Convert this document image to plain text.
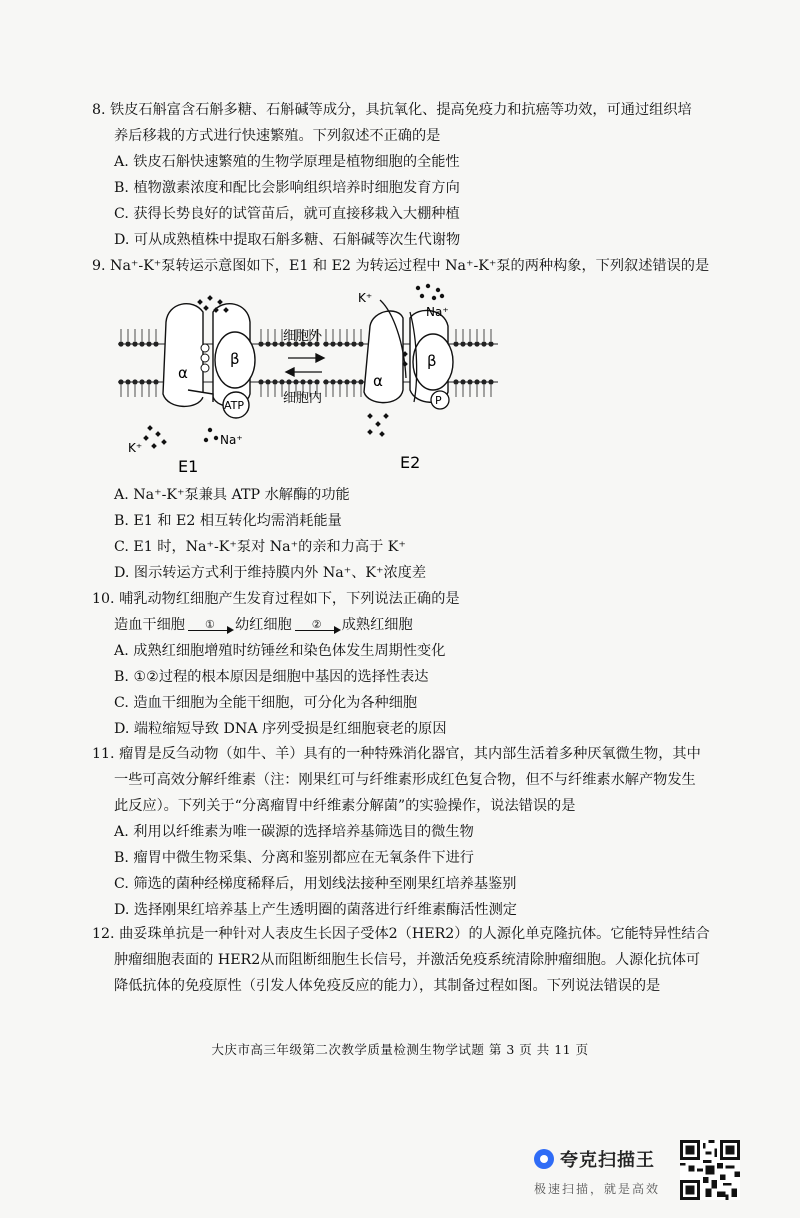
8. 铁皮石斛富含石斛多糖、石斛碱等成分，具抗氧化、提高免疫力和抗癌等功效，可通过组织培
养后移栽的方式进行快速繁殖。下列叙述不正确的是
A. 铁皮石斛快速繁殖的生物学原理是植物细胞的全能性
B. 植物激素浓度和配比会影响组织培养时细胞发育方向
C. 获得长势良好的试管苗后，就可直接移栽入大棚种植
D. 可从成熟植株中提取石斛多糖、石斛碱等次生代谢物
9. Na⁺-K⁺泵转运示意图如下，E1 和 E2 为转运过程中 Na⁺-K⁺泵的两种构象，下列叙述错误的是
α
β
ATP
K⁺
Na⁺
E1
细胞外
细胞内
α
β
P
K⁺
Na⁺
E2
A. Na⁺-K⁺泵兼具 ATP 水解酶的功能
B. E1 和 E2 相互转化均需消耗能量
C. E1 时，Na⁺-K⁺泵对 Na⁺的亲和力高于 K⁺
D. 图示转运方式利于维持膜内外 Na⁺、K⁺浓度差
10. 哺乳动物红细胞产生发育过程如下，下列说法正确的是
造血干细胞 ① 幼红细胞 ② 成熟红细胞
A. 成熟红细胞增殖时纺锤丝和染色体发生周期性变化
B. ①②过程的根本原因是细胞中基因的选择性表达
C. 造血干细胞为全能干细胞，可分化为各种细胞
D. 端粒缩短导致 DNA 序列受损是红细胞衰老的原因
11. 瘤胃是反刍动物（如牛、羊）具有的一种特殊消化器官，其内部生活着多种厌氧微生物，其中
一些可高效分解纤维素（注：刚果红可与纤维素形成红色复合物，但不与纤维素水解产物发生
此反应）。下列关于“分离瘤胃中纤维素分解菌”的实验操作，说法错误的是
A. 利用以纤维素为唯一碳源的选择培养基筛选目的微生物
B. 瘤胃中微生物采集、分离和鉴别都应在无氧条件下进行
C. 筛选的菌种经梯度稀释后，用划线法接种至刚果红培养基鉴别
D. 选择刚果红培养基上产生透明圈的菌落进行纤维素酶活性测定
12. 曲妥珠单抗是一种针对人表皮生长因子受体2（HER2）的人源化单克隆抗体。它能特异性结合
肿瘤细胞表面的 HER2从而阻断细胞生长信号，并激活免疫系统清除肿瘤细胞。人源化抗体可
降低抗体的免疫原性（引发人体免疫反应的能力），其制备过程如图。下列说法错误的是
大庆市高三年级第二次教学质量检测生物学试题 第 3 页 共 11 页
夸克扫描王
极速扫描，就是高效
